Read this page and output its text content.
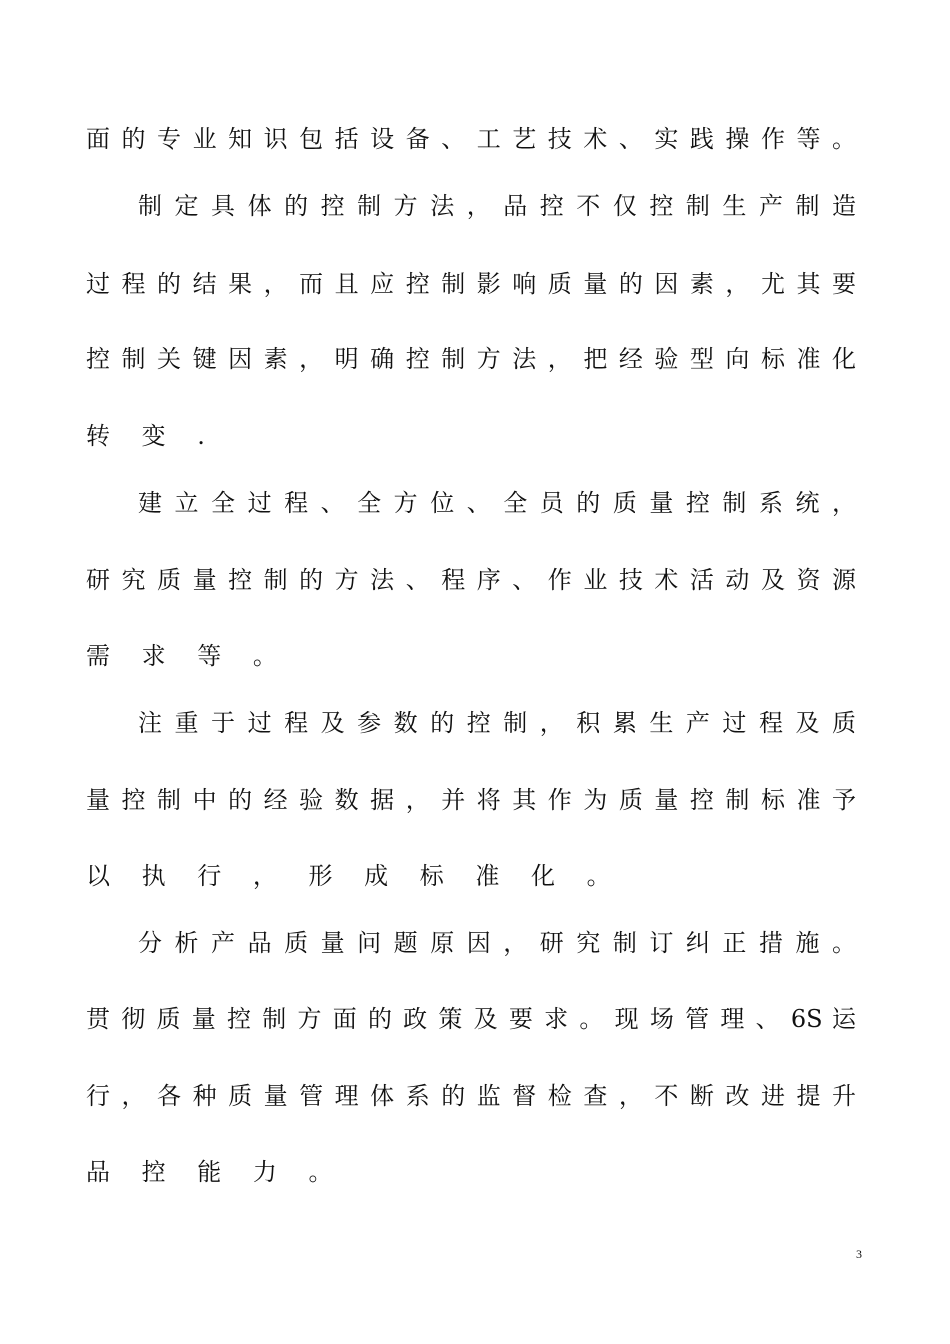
面 的 专 业 知 识 包 括 设 备 、 工 艺 技 术 、 实 践 操 作 等 。
制 定 具 体 的 控 制 方 法 ， 品 控 不 仅 控 制 生 产 制 造
过 程 的 结 果 ， 而 且 应 控 制 影 响 质 量 的 因 素 ， 尤 其 要
控 制 关 键 因 素 ， 明 确 控 制 方 法 ， 把 经 验 型 向 标 准 化
转 变 .
建 立 全 过 程 、 全 方 位 、 全 员 的 质 量 控 制 系 统 ，
研 究 质 量 控 制 的 方 法 、 程 序 、 作 业 技 术 活 动 及 资 源
需 求 等 。
注 重 于 过 程 及 参 数 的 控 制 ， 积 累 生 产 过 程 及 质
量 控 制 中 的 经 验 数 据 ， 并 将 其 作 为 质 量 控 制 标 准 予
以 执 行 ， 形 成 标 准 化 。
分 析 产 品 质 量 问 题 原 因 ， 研 究 制 订 纠 正 措 施 。
贯 彻 质 量 控 制 方 面 的 政 策 及 要 求 。 现 场 管 理 、 6S 运
行 ， 各 种 质 量 管 理 体 系 的 监 督 检 查 ， 不 断 改 进 提 升
品 控 能 力 。
3
